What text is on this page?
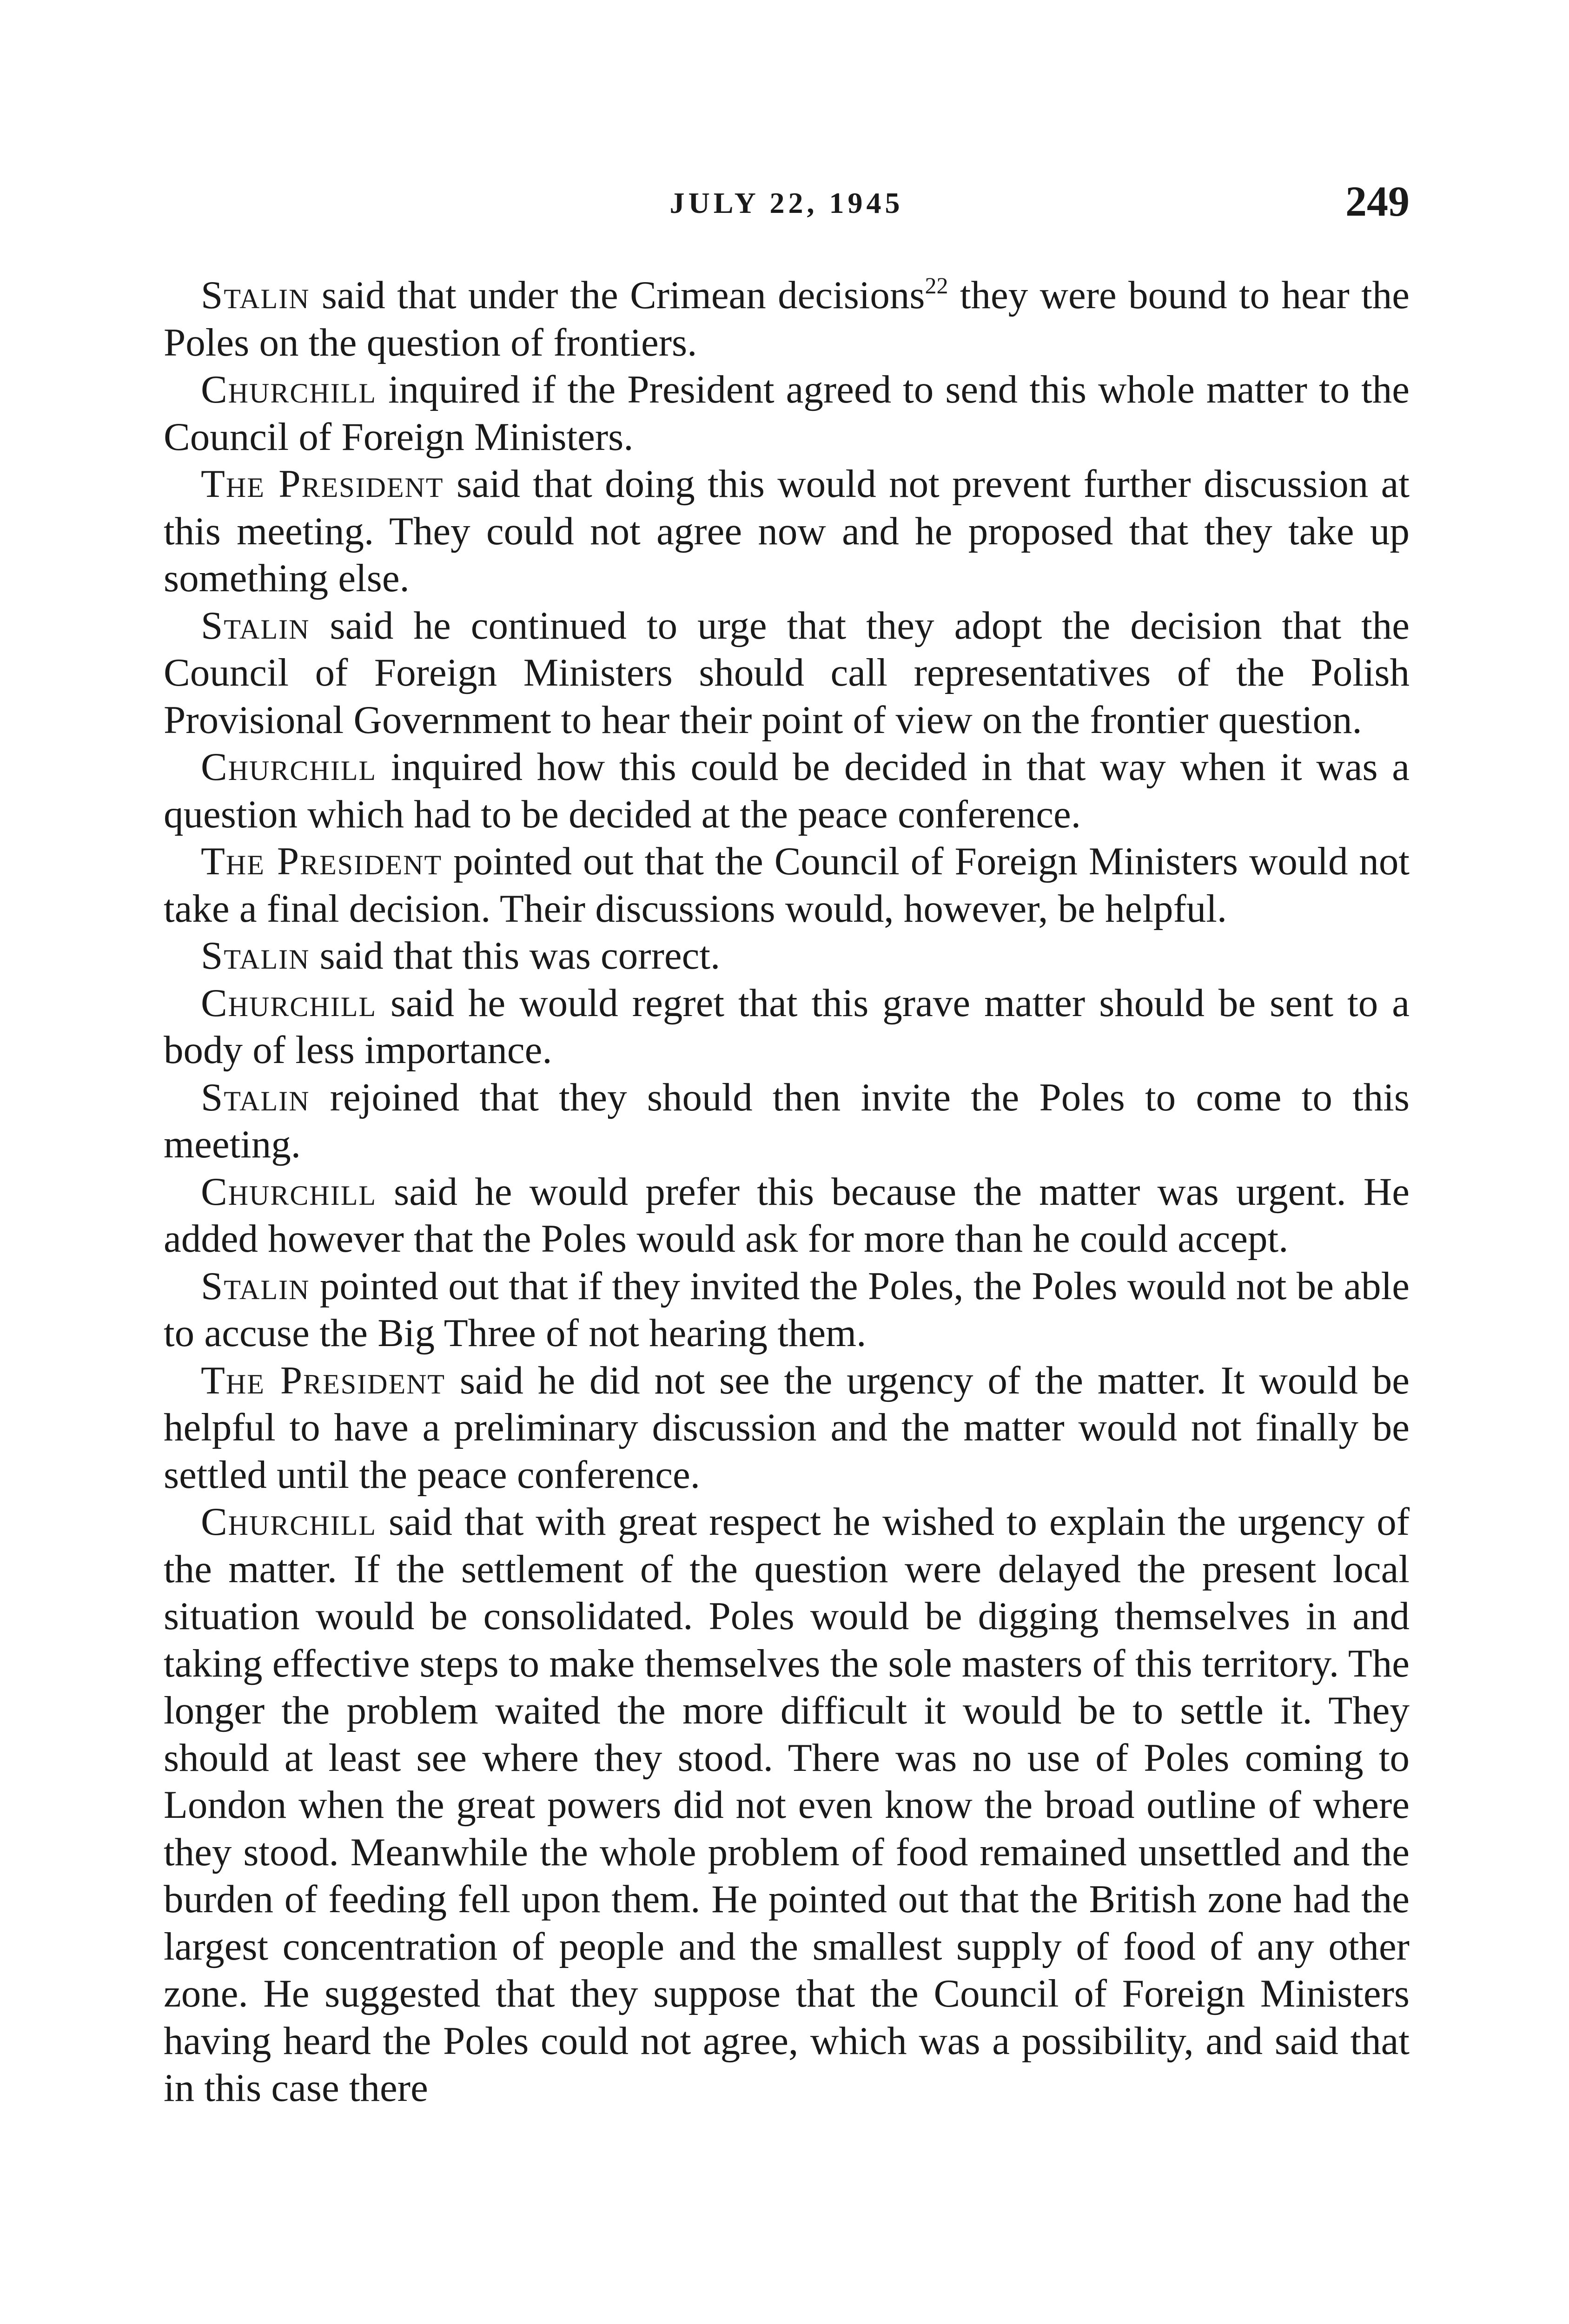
JULY 22, 1945	249

Stalin said that under the Crimean decisions$^{22}$ they were bound to hear the Poles on the question of frontiers.

Churchill inquired if the President agreed to send this whole matter to the Council of Foreign Ministers.

The President said that doing this would not prevent further discussion at this meeting. They could not agree now and he proposed that they take up something else.

Stalin said he continued to urge that they adopt the decision that the Council of Foreign Ministers should call representatives of the Polish Provisional Government to hear their point of view on the frontier question.

Churchill inquired how this could be decided in that way when it was a question which had to be decided at the peace conference.

The President pointed out that the Council of Foreign Ministers would not take a final decision. Their discussions would, however, be helpful.

Stalin said that this was correct.

Churchill said he would regret that this grave matter should be sent to a body of less importance.

Stalin rejoined that they should then invite the Poles to come to this meeting.

Churchill said he would prefer this because the matter was urgent. He added however that the Poles would ask for more than he could accept.

Stalin pointed out that if they invited the Poles, the Poles would not be able to accuse the Big Three of not hearing them.

The President said he did not see the urgency of the matter. It would be helpful to have a preliminary discussion and the matter would not finally be settled until the peace conference.

Churchill said that with great respect he wished to explain the urgency of the matter. If the settlement of the question were delayed the present local situation would be consolidated. Poles would be digging themselves in and taking effective steps to make themselves the sole masters of this territory. The longer the problem waited the more difficult it would be to settle it. They should at least see where they stood. There was no use of Poles coming to London when the great powers did not even know the broad outline of where they stood. Meanwhile the whole problem of food remained unsettled and the burden of feeding fell upon them. He pointed out that the British zone had the largest concentration of people and the smallest supply of food of any other zone. He suggested that they suppose that the Council of Foreign Ministers having heard the Poles could not agree, which was a possibility, and said that in this case there
